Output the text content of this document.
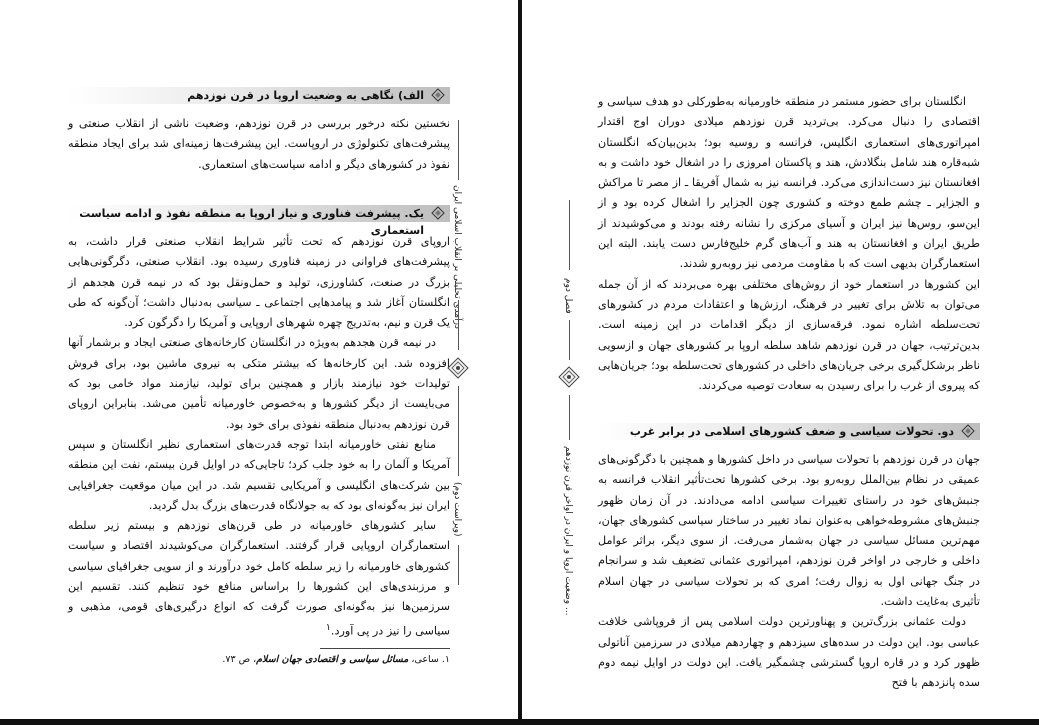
الف) نگاهی به وضعیت اروپا در قرن نوزدهم

نخستین نکته درخور بررسی در قرن نوزدهم، وضعیت ناشی از انقلاب صنعتی و پیشرفت‌های تکنولوژی در اروپاست. این پیشرفت‌ها زمینه‌ای شد برای ایجاد منطقه نفوذ در کشورهای دیگر و ادامه سیاست‌های استعماری.

یک. پیشرفت فناوری و نیاز اروپا به منطقه نفوذ و ادامه سیاست استعماری

اروپای قرن نوزدهم که تحت تأثیر شرایط انقلاب صنعتی قرار داشت، به پیشرفت‌های فراوانی در زمینه فناوری رسیده بود. انقلاب صنعتی، دگرگونی‌هایی بزرگ در صنعت، کشاورزی، تولید و حمل‌ونقل بود که در نیمه قرن هجدهم از انگلستان آغاز شد و پیامدهایی اجتماعی ـ سیاسی به‌دنبال داشت؛ آن‌گونه که طی یک قرن و نیم، به‌تدریج چهره شهرهای اروپایی و آمریکا را دگرگون کرد.

در نیمه قرن هجدهم به‌ویژه در انگلستان کارخانه‌های صنعتی ایجاد و برشمار آنها افزوده شد. این کارخانه‌ها که بیشتر متکی به نیروی ماشین بود، برای فروش تولیدات خود نیازمند بازار و همچنین برای تولید، نیازمند مواد خامی بود که می‌بایست از دیگر کشورها و به‌خصوص خاورمیانه تأمین می‌شد. بنابراین اروپای قرن نوزدهم به‌دنبال منطقه نفوذی برای خود بود.

منابع نفتی خاورمیانه ابتدا توجه قدرت‌های استعماری نظیر انگلستان و سپس آمریکا و آلمان را به خود جلب کرد؛ تاجایی‌که در اوایل قرن بیستم، نفت این منطقه بین شرکت‌های انگلیسی و آمریکایی تقسیم شد. در این میان موقعیت جغرافیایی ایران نیز به‌گونه‌ای بود که به جولانگاه قدرت‌های بزرگ بدل گردید.

سایر کشورهای خاورمیانه در طی قرن‌های نوزدهم و بیستم زیر سلطه استعمارگران اروپایی قرار گرفتند. استعمارگران می‌کوشیدند اقتصاد و سیاست کشورهای خاورمیانه را زیر سلطه کامل خود درآورند و از سویی جغرافیای سیاسی و مرزبندی‌های این کشورها را براساس منافع خود تنظیم کنند. تقسیم این سرزمین‌ها نیز به‌گونه‌ای صورت گرفت که انواع درگیری‌های قومی، مذهبی و سیاسی را نیز در پی آورد.$^۱$

۱. ساعی، مسائل سیاسی و اقتصادی جهان اسلام، ص ۷۳.
درآمدی تحلیلی بر انقلاب اسلامی ایران
(ویراست دوم)
فصل دوم
وضعیت اروپا و ایران در اواخر قرن نوزدهم ...

انگلستان برای حضور مستمر در منطقه خاورمیانه به‌طورکلی دو هدف سیاسی و اقتصادی را دنبال می‌کرد. بی‌تردید قرن نوزدهم میلادی دوران اوج اقتدار امپراتوری‌های استعماری انگلیس، فرانسه و روسیه بود؛ بدین‌بیان‌که انگلستان شبه‌قاره هند شامل بنگلادش، هند و پاکستان امروزی را در اشغال خود داشت و به افغانستان نیز دست‌اندازی می‌کرد. فرانسه نیز به شمال آفریقا ـ از مصر تا مراکش و الجزایر ـ چشم طمع دوخته و کشوری چون الجزایر را اشغال کرده بود و از این‌سو، روس‌ها نیز ایران و آسیای مرکزی را نشانه رفته بودند و می‌کوشیدند از طریق ایران و افغانستان به هند و آب‌های گرم خلیج‌فارس دست یابند. البته این استعمارگران بدیهی است که با مقاومت مردمی نیز روبه‌رو شدند.

این کشورها در استعمار خود از روش‌های مختلفی بهره می‌بردند که از آن جمله می‌توان به تلاش برای تغییر در فرهنگ، ارزش‌ها و اعتقادات مردم در کشورهای تحت‌سلطه اشاره نمود. فرقه‌سازی از دیگر اقدامات در این زمینه است. بدین‌ترتیب، جهان در قرن نوزدهم شاهد سلطه اروپا بر کشورهای جهان و ازسویی ناظر برشکل‌گیری برخی جریان‌های داخلی در کشورهای تحت‌سلطه بود؛ جریان‌هایی که پیروی از غرب را برای رسیدن به سعادت توصیه می‌کردند.

دو. تحولات سیاسی و ضعف کشورهای اسلامی در برابر غرب

جهان در قرن نوزدهم با تحولات سیاسی در داخل کشورها و همچنین با دگرگونی‌های عمیقی در نظام بین‌الملل روبه‌رو بود. برخی کشورها تحت‌تأثیر انقلاب فرانسه به جنبش‌های خود در راستای تغییرات سیاسی ادامه می‌دادند. در آن زمان ظهور جنبش‌های مشروطه‌خواهی به‌عنوان نماد تغییر در ساختار سیاسی کشورهای جهان، مهم‌ترین مسائل سیاسی در جهان به‌شمار می‌رفت. از سوی دیگر، براثر عوامل داخلی و خارجی در اواخر قرن نوزدهم، امپراتوری عثمانی تضعیف شد و سرانجام در جنگ جهانی اول به زوال رفت؛ امری که بر تحولات سیاسی در جهان اسلام تأثیری به‌غایت داشت.

دولت عثمانی بزرگ‌ترین و پهناورترین دولت اسلامی پس از فروپاشی خلافت عباسی بود. این دولت در سده‌های سیزدهم و چهاردهم میلادی در سرزمین آناتولی ظهور کرد و در قاره اروپا گسترشی چشمگیر یافت. این دولت در اوایل نیمه دوم سده پانزدهم با فتح
